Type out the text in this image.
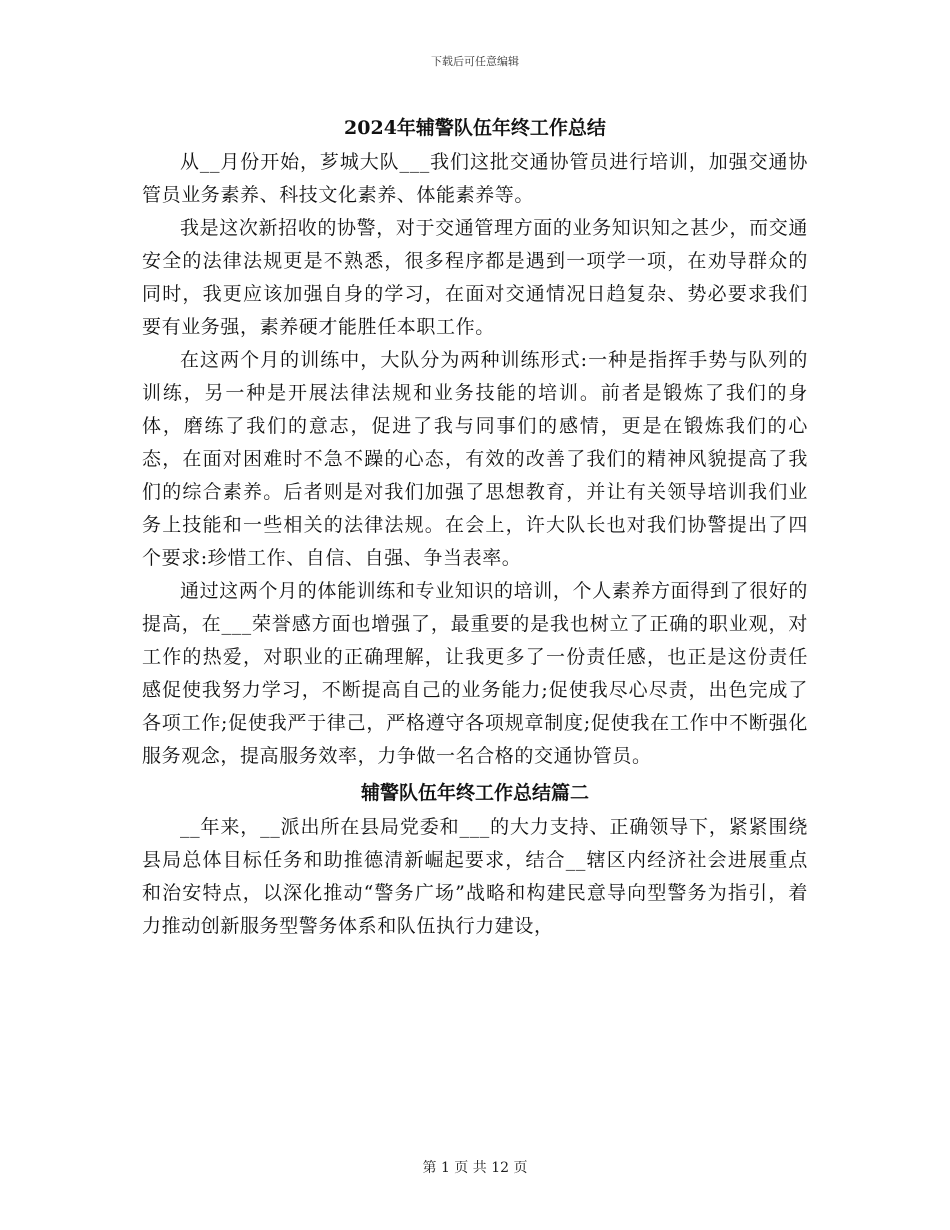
下载后可任意编辑
2024年辅警队伍年终工作总结

从__月份开始，芗城大队___我们这批交通协管员进行培训，加强交通协管员业务素养、科技文化素养、体能素养等。

我是这次新招收的协警，对于交通管理方面的业务知识知之甚少，而交通安全的法律法规更是不熟悉，很多程序都是遇到一项学一项，在劝导群众的同时，我更应该加强自身的学习，在面对交通情况日趋复杂、势必要求我们要有业务强，素养硬才能胜任本职工作。

在这两个月的训练中，大队分为两种训练形式:一种是指挥手势与队列的训练，另一种是开展法律法规和业务技能的培训。前者是锻炼了我们的身体，磨练了我们的意志，促进了我与同事们的感情，更是在锻炼我们的心态，在面对困难时不急不躁的心态，有效的改善了我们的精神风貌提高了我们的综合素养。后者则是对我们加强了思想教育，并让有关领导培训我们业务上技能和一些相关的法律法规。在会上，许大队长也对我们协警提出了四个要求:珍惜工作、自信、自强、争当表率。

通过这两个月的体能训练和专业知识的培训，个人素养方面得到了很好的提高，在___荣誉感方面也增强了，最重要的是我也树立了正确的职业观，对工作的热爱，对职业的正确理解，让我更多了一份责任感，也正是这份责任感促使我努力学习，不断提高自己的业务能力;促使我尽心尽责，出色完成了各项工作;促使我严于律己，严格遵守各项规章制度;促使我在工作中不断强化服务观念，提高服务效率，力争做一名合格的交通协管员。

辅警队伍年终工作总结篇二

__年来，__派出所在县局党委和___的大力支持、正确领导下，紧紧围绕县局总体目标任务和助推德清新崛起要求，结合__辖区内经济社会进展重点和治安特点，以深化推动“警务广场”战略和构建民意导向型警务为指引，着力推动创新服务型警务体系和队伍执行力建设，

第 1 页 共 12 页
